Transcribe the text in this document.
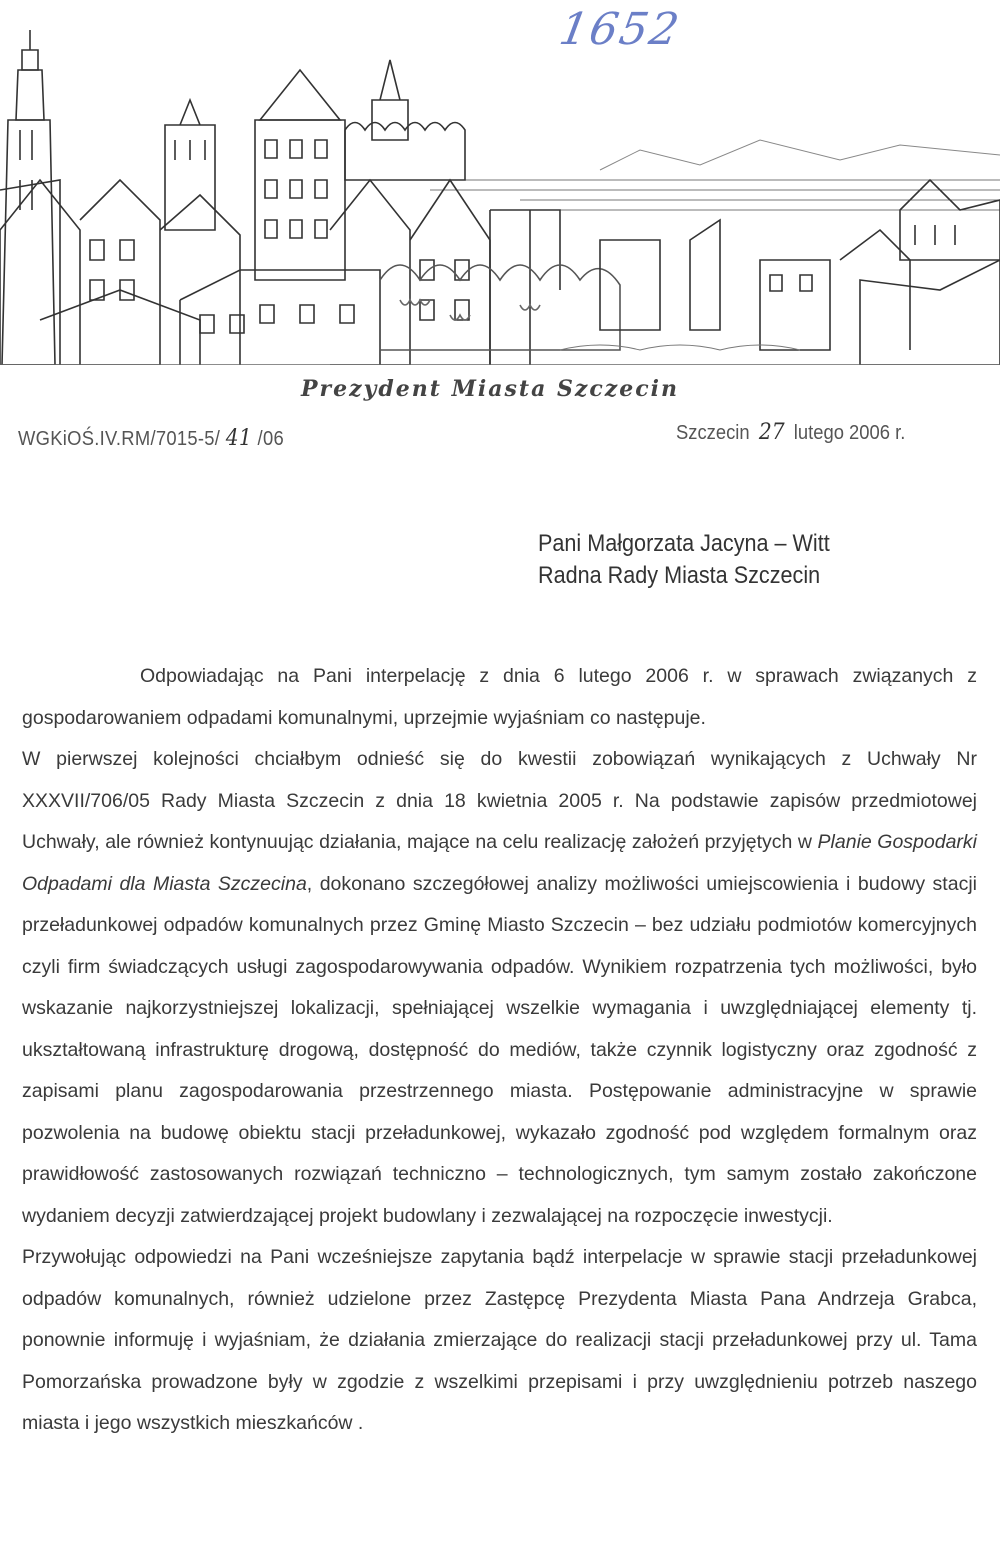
1652
Prezydent Miasta Szczecin
WGKiOŚ.IV.RM/7015-5/ 41 /06	Szczecin 27 lutego 2006 r.
Pani Małgorzata Jacyna – Witt
Radna Rady Miasta Szczecin

Odpowiadając na Pani interpelację z dnia 6 lutego 2006 r. w sprawach związanych z gospodarowaniem odpadami komunalnymi, uprzejmie wyjaśniam co następuje.

W pierwszej kolejności chciałbym odnieść się do kwestii zobowiązań wynikających z Uchwały Nr XXXVII/706/05 Rady Miasta Szczecin z dnia 18 kwietnia 2005 r. Na podstawie zapisów przedmiotowej Uchwały, ale również kontynuując działania, mające na celu realizację założeń przyjętych w Planie Gospodarki Odpadami dla Miasta Szczecina, dokonano szczegółowej analizy możliwości umiejscowienia i budowy stacji przeładunkowej odpadów komunalnych przez Gminę Miasto Szczecin – bez udziału podmiotów komercyjnych czyli firm świadczących usługi zagospodarowywania odpadów. Wynikiem rozpatrzenia tych możliwości, było wskazanie najkorzystniejszej lokalizacji, spełniającej wszelkie wymagania i uwzględniającej elementy tj. ukształtowaną infrastrukturę drogową, dostępność do mediów, także czynnik logistyczny oraz zgodność z zapisami planu zagospodarowania przestrzennego miasta. Postępowanie administracyjne w sprawie pozwolenia na budowę obiektu stacji przeładunkowej, wykazało zgodność pod względem formalnym oraz prawidłowość zastosowanych rozwiązań techniczno – technologicznych, tym samym zostało zakończone wydaniem decyzji zatwierdzającej projekt budowlany i zezwalającej na rozpoczęcie inwestycji.

Przywołując odpowiedzi na Pani wcześniejsze zapytania bądź interpelacje w sprawie stacji przeładunkowej odpadów komunalnych, również udzielone przez Zastępcę Prezydenta Miasta Pana Andrzeja Grabca, ponownie informuję i wyjaśniam, że działania zmierzające do realizacji stacji przeładunkowej przy ul. Tama Pomorzańska prowadzone były w zgodzie z wszelkimi przepisami i przy uwzględnieniu potrzeb naszego miasta i jego wszystkich mieszkańców .
